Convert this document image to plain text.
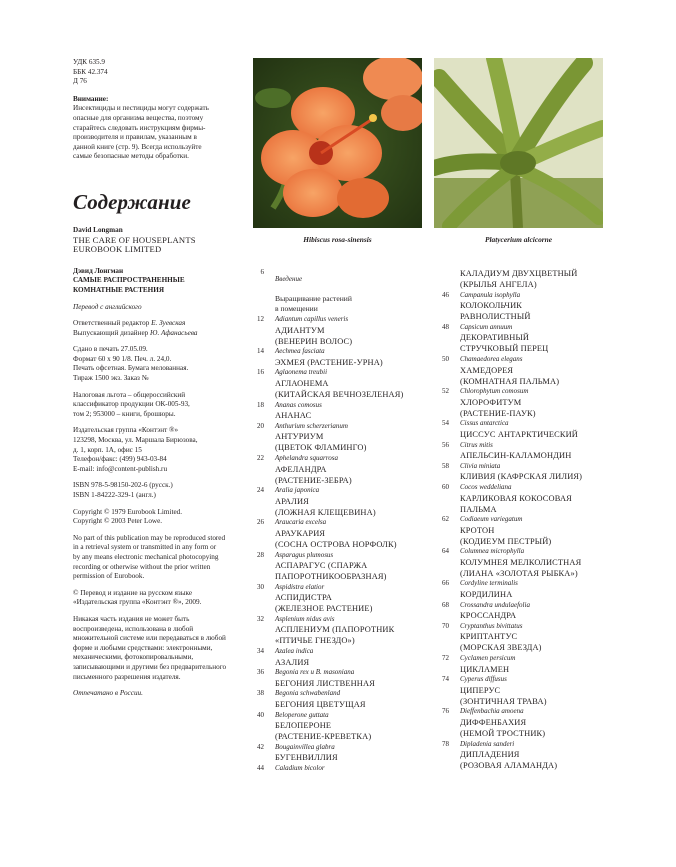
УДК 635.9
ББК 42.374
Д 76
Внимание:
Инсектициды и пестициды могут содержать
опасные для организма вещества, поэтому
старайтесь следовать инструкциям фирмы-
производителя и правилам, указанным в
данной книге (стр. 9). Всегда используйте
самые безопасные методы обработки.
Содержание
David Longman
THE CARE OF HOUSEPLANTS
EUROBOOK LIMITED
Дэвид Лонгман
САМЫЕ РАСПРОСТРАНЕННЫЕ
КОМНАТНЫЕ РАСТЕНИЯ
Перевод с английского
Ответственный редактор Е. Зуевская
Выпускающий дизайнер Ю. Афанасьева
Сдано в печать 27.05.09.
Формат 60 х 90 1/8. Печ. л. 24,0.
Печать офсетная. Бумага мелованная.
Тираж 1500 экз. Заказ №
Налоговая льгота – общероссийский
классификатор продукции ОК-005-93,
том 2; 953000 – книги, брошюры.
Издательская группа «Контэнт ®»
123298, Москва, ул. Маршала Бирюзова,
д. 1, корп. 1А, офис 15
Телефон/факс: (499) 943-03-84
E-mail: info@content-publish.ru
ISBN 978-5-98150-202-6 (русск.)
ISBN 1-84222-329-1 (англ.)
Copyright © 1979 Eurobook Limited.
Copyright © 2003 Peter Lowe.
No part of this publication may be reproduced stored
in a retrieval system or transmitted in any form or
by any means electronic mechanical photocopying
recording or otherwise without the prior written
permission of Eurobook.
© Перевод и издание на русском языке
«Издательская группа «Контэнт ®», 2009.
Никакая часть издания не может быть
воспроизведена, использована в любой
множительной системе или передаваться в любой
форме и любыми средствами: электронными,
механическими, фотокопировальными,
записывающими и другими без предварительного
письменного разрешения издателя.
Отпечатано в России.
Hibiscus rosa-sinensis	Platycerium alcicorne
6
Введение
Выращивание растений
в помещении
12 Adiantum capillus veneris
АДИАНТУМ
(ВЕНЕРИН ВОЛОС)
14 Aechmea fasciata
ЭХМЕЯ (РАСТЕНИЕ-УРНА)
16 Aglaonema treubii
АГЛАОНЕМА
(КИТАЙСКАЯ ВЕЧНОЗЕЛЕНАЯ)
18 Ananas comosus
АНАНАС
20 Anthurium scherzerianum
АНТУРИУМ
(ЦВЕТОК ФЛАМИНГО)
22 Aphelandra squarrosa
АФЕЛАНДРА
(РАСТЕНИЕ-ЗЕБРА)
24 Aralia japonica
АРАЛИЯ
(ЛОЖНАЯ КЛЕЩЕВИНА)
26 Araucaria excelsa
АРАУКАРИЯ
(СОСНА ОСТРОВА НОРФОЛК)
28 Asparagus plumosus
АСПАРАГУС (СПАРЖА
ПАПОРОТНИКООБРАЗНАЯ)
30 Aspidistra elatior
АСПИДИСТРА
(ЖЕЛЕЗНОЕ РАСТЕНИЕ)
32 Asplenium nidus avis
АСПЛЕНИУМ (ПАПОРОТНИК
«ПТИЧЬЕ ГНЕЗДО»)
34 Azalea indica
АЗАЛИЯ
36 Begonia rex и B. masoniana
БЕГОНИЯ ЛИСТВЕННАЯ
38 Begonia schwabenland
БЕГОНИЯ ЦВЕТУЩАЯ
40 Beloperone guttata
БЕЛОПЕРОНЕ
(РАСТЕНИЕ-КРЕВЕТКА)
42 Bougainvillea glabra
БУГЕНВИЛЛИЯ
44 Caladium bicolor
КАЛАДИУМ ДВУХЦВЕТНЫЙ
(КРЫЛЬЯ АНГЕЛА)
46 Campanula isophylla
КОЛОКОЛЬЧИК
РАВНОЛИСТНЫЙ
48 Capsicum annuum
ДЕКОРАТИВНЫЙ
СТРУЧКОВЫЙ ПЕРЕЦ
50 Chamaedorea elegans
ХАМЕДОРЕЯ
(КОМНАТНАЯ ПАЛЬМА)
52 Chlorophytum comosum
ХЛОРОФИТУМ
(РАСТЕНИЕ-ПАУК)
54 Cissus antarctica
ЦИССУС АНТАРКТИЧЕСКИЙ
56 Citrus mitis
АПЕЛЬСИН-КАЛАМОНДИН
58 Clivia miniata
КЛИВИЯ (КАФРСКАЯ ЛИЛИЯ)
60 Cocos weddeliana
КАРЛИКОВАЯ КОКОСОВАЯ
ПАЛЬМА
62 Codiaeum variegatum
КРОТОН
(КОДИЕУМ ПЕСТРЫЙ)
64 Columnea microphylla
КОЛУМНЕЯ МЕЛКОЛИСТНАЯ
(ЛИАНА «ЗОЛОТАЯ РЫБКА»)
66 Cordyline terminalis
КОРДИЛИНА
68 Crossandra undulaefolia
КРОССАНДРА
70 Cryptanthus bivittatus
КРИПТАНТУС
(МОРСКАЯ ЗВЕЗДА)
72 Cyclamen persicum
ЦИКЛАМЕН
74 Cyperus diffusus
ЦИПЕРУС
(ЗОНТИЧНАЯ ТРАВА)
76 Dieffenbachia amoena
ДИФФЕНБАХИЯ
(НЕМОЙ ТРОСТНИК)
78 Dipladenia sanderi
ДИПЛАДЕНИЯ
(РОЗОВАЯ АЛАМАНДА)
